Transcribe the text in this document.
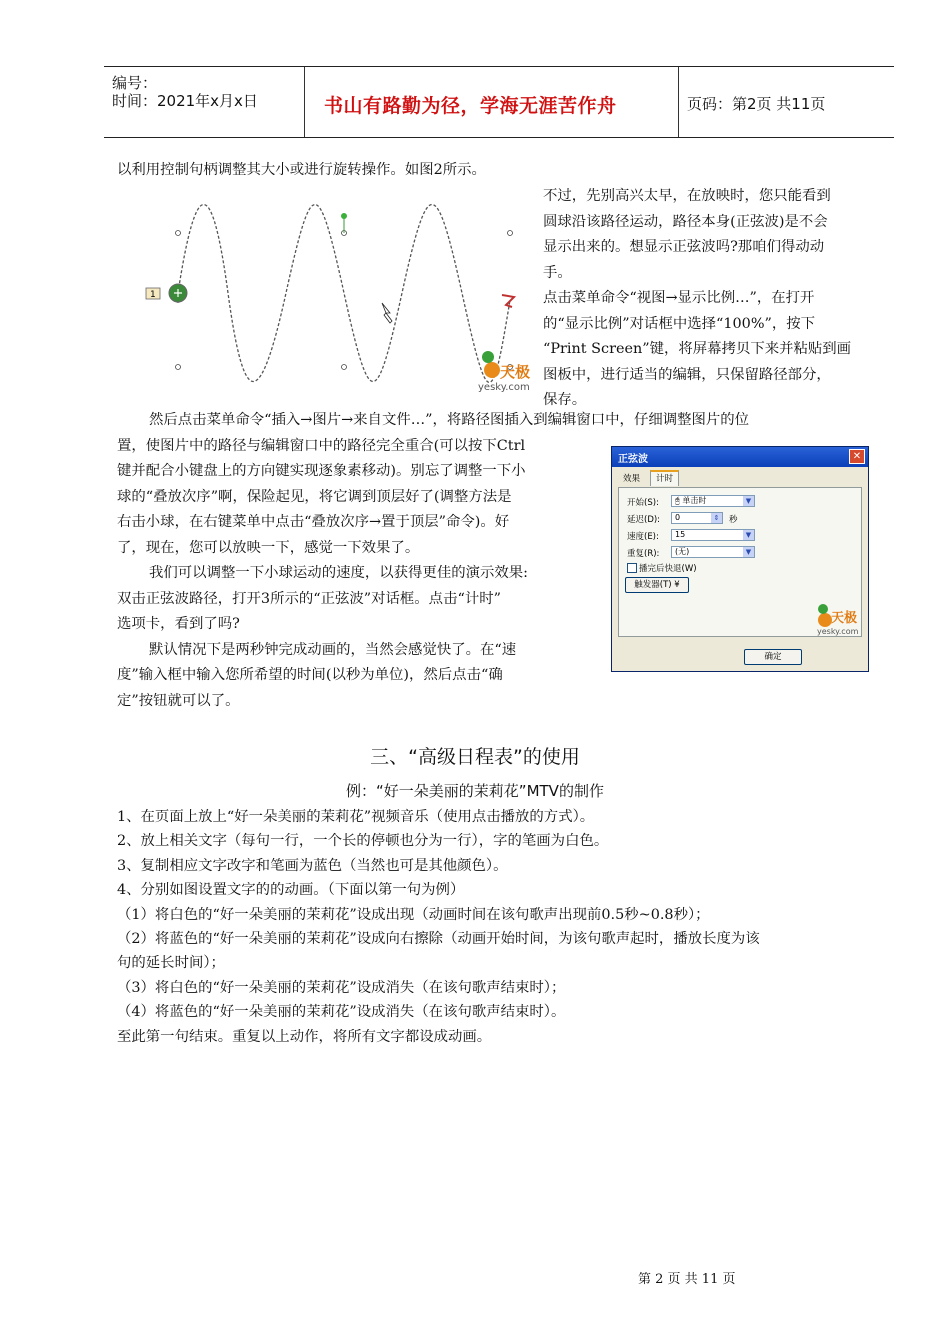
编号：
时间：2021年x月x日	书山有路勤为径，学海无涯苦作舟	页码：第2页 共11页
以利用控制句柄调整其大小或进行旋转操作。如图2所示。
1
天极
yesky.com
不过，先别高兴太早，在放映时，您只能看到
圆球沿该路径运动，路径本身(正弦波)是不会
显示出来的。想显示正弦波吗?那咱们得动动
手。
点击菜单命令“视图→显示比例…”，在打开
的“显示比例”对话框中选择“100%”，按下
“Print Screen”键，将屏幕拷贝下来并粘贴到画
图板中，进行适当的编辑，只保留路径部分，
保存。
然后点击菜单命令“插入→图片→来自文件…”，将路径图插入到编辑窗口中，仔细调整图片的位
置，使图片中的路径与编辑窗口中的路径完全重合(可以按下Ctrl
键并配合小键盘上的方向键实现逐象素移动)。别忘了调整一下小
球的“叠放次序”啊，保险起见，将它调到顶层好了(调整方法是
右击小球，在右键菜单中点击“叠放次序→置于顶层”命令)。好
了，现在，您可以放映一下，感觉一下效果了。
我们可以调整一下小球运动的速度，以获得更佳的演示效果:
双击正弦波路径，打开3所示的“正弦波”对话框。点击“计时”
选项卡，看到了吗?
默认情况下是两秒钟完成动画的，当然会感觉快了。在“速
度”输入框中输入您所希望的时间(以秒为单位)，然后点击“确
定”按钮就可以了。
正弦波	✕
效果	计时
开始(S):	🖰 单击时	▼
延迟(D):	0	⇕	秒
速度(E):	15	▼
重复(R):	(无)	▼
播完后快退(W)
触发器(T) ¥
天极
yesky.com
确定
三、“高级日程表”的使用
例：“好一朵美丽的茉莉花”MTV的制作
1、在页面上放上“好一朵美丽的茉莉花”视频音乐（使用点击播放的方式）。
2、放上相关文字（每句一行，一个长的停顿也分为一行），字的笔画为白色。
3、复制相应文字改字和笔画为蓝色（当然也可是其他颜色）。
4、分别如图设置文字的的动画。（下面以第一句为例）
（1）将白色的“好一朵美丽的茉莉花”设成出现（动画时间在该句歌声出现前0.5秒~0.8秒）；
（2）将蓝色的“好一朵美丽的茉莉花”设成向右擦除（动画开始时间，为该句歌声起时，播放长度为该
句的延长时间）；
（3）将白色的“好一朵美丽的茉莉花”设成消失（在该句歌声结束时）；
（4）将蓝色的“好一朵美丽的茉莉花”设成消失（在该句歌声结束时）。
至此第一句结束。重复以上动作，将所有文字都设成动画。
第 2 页 共 11 页
